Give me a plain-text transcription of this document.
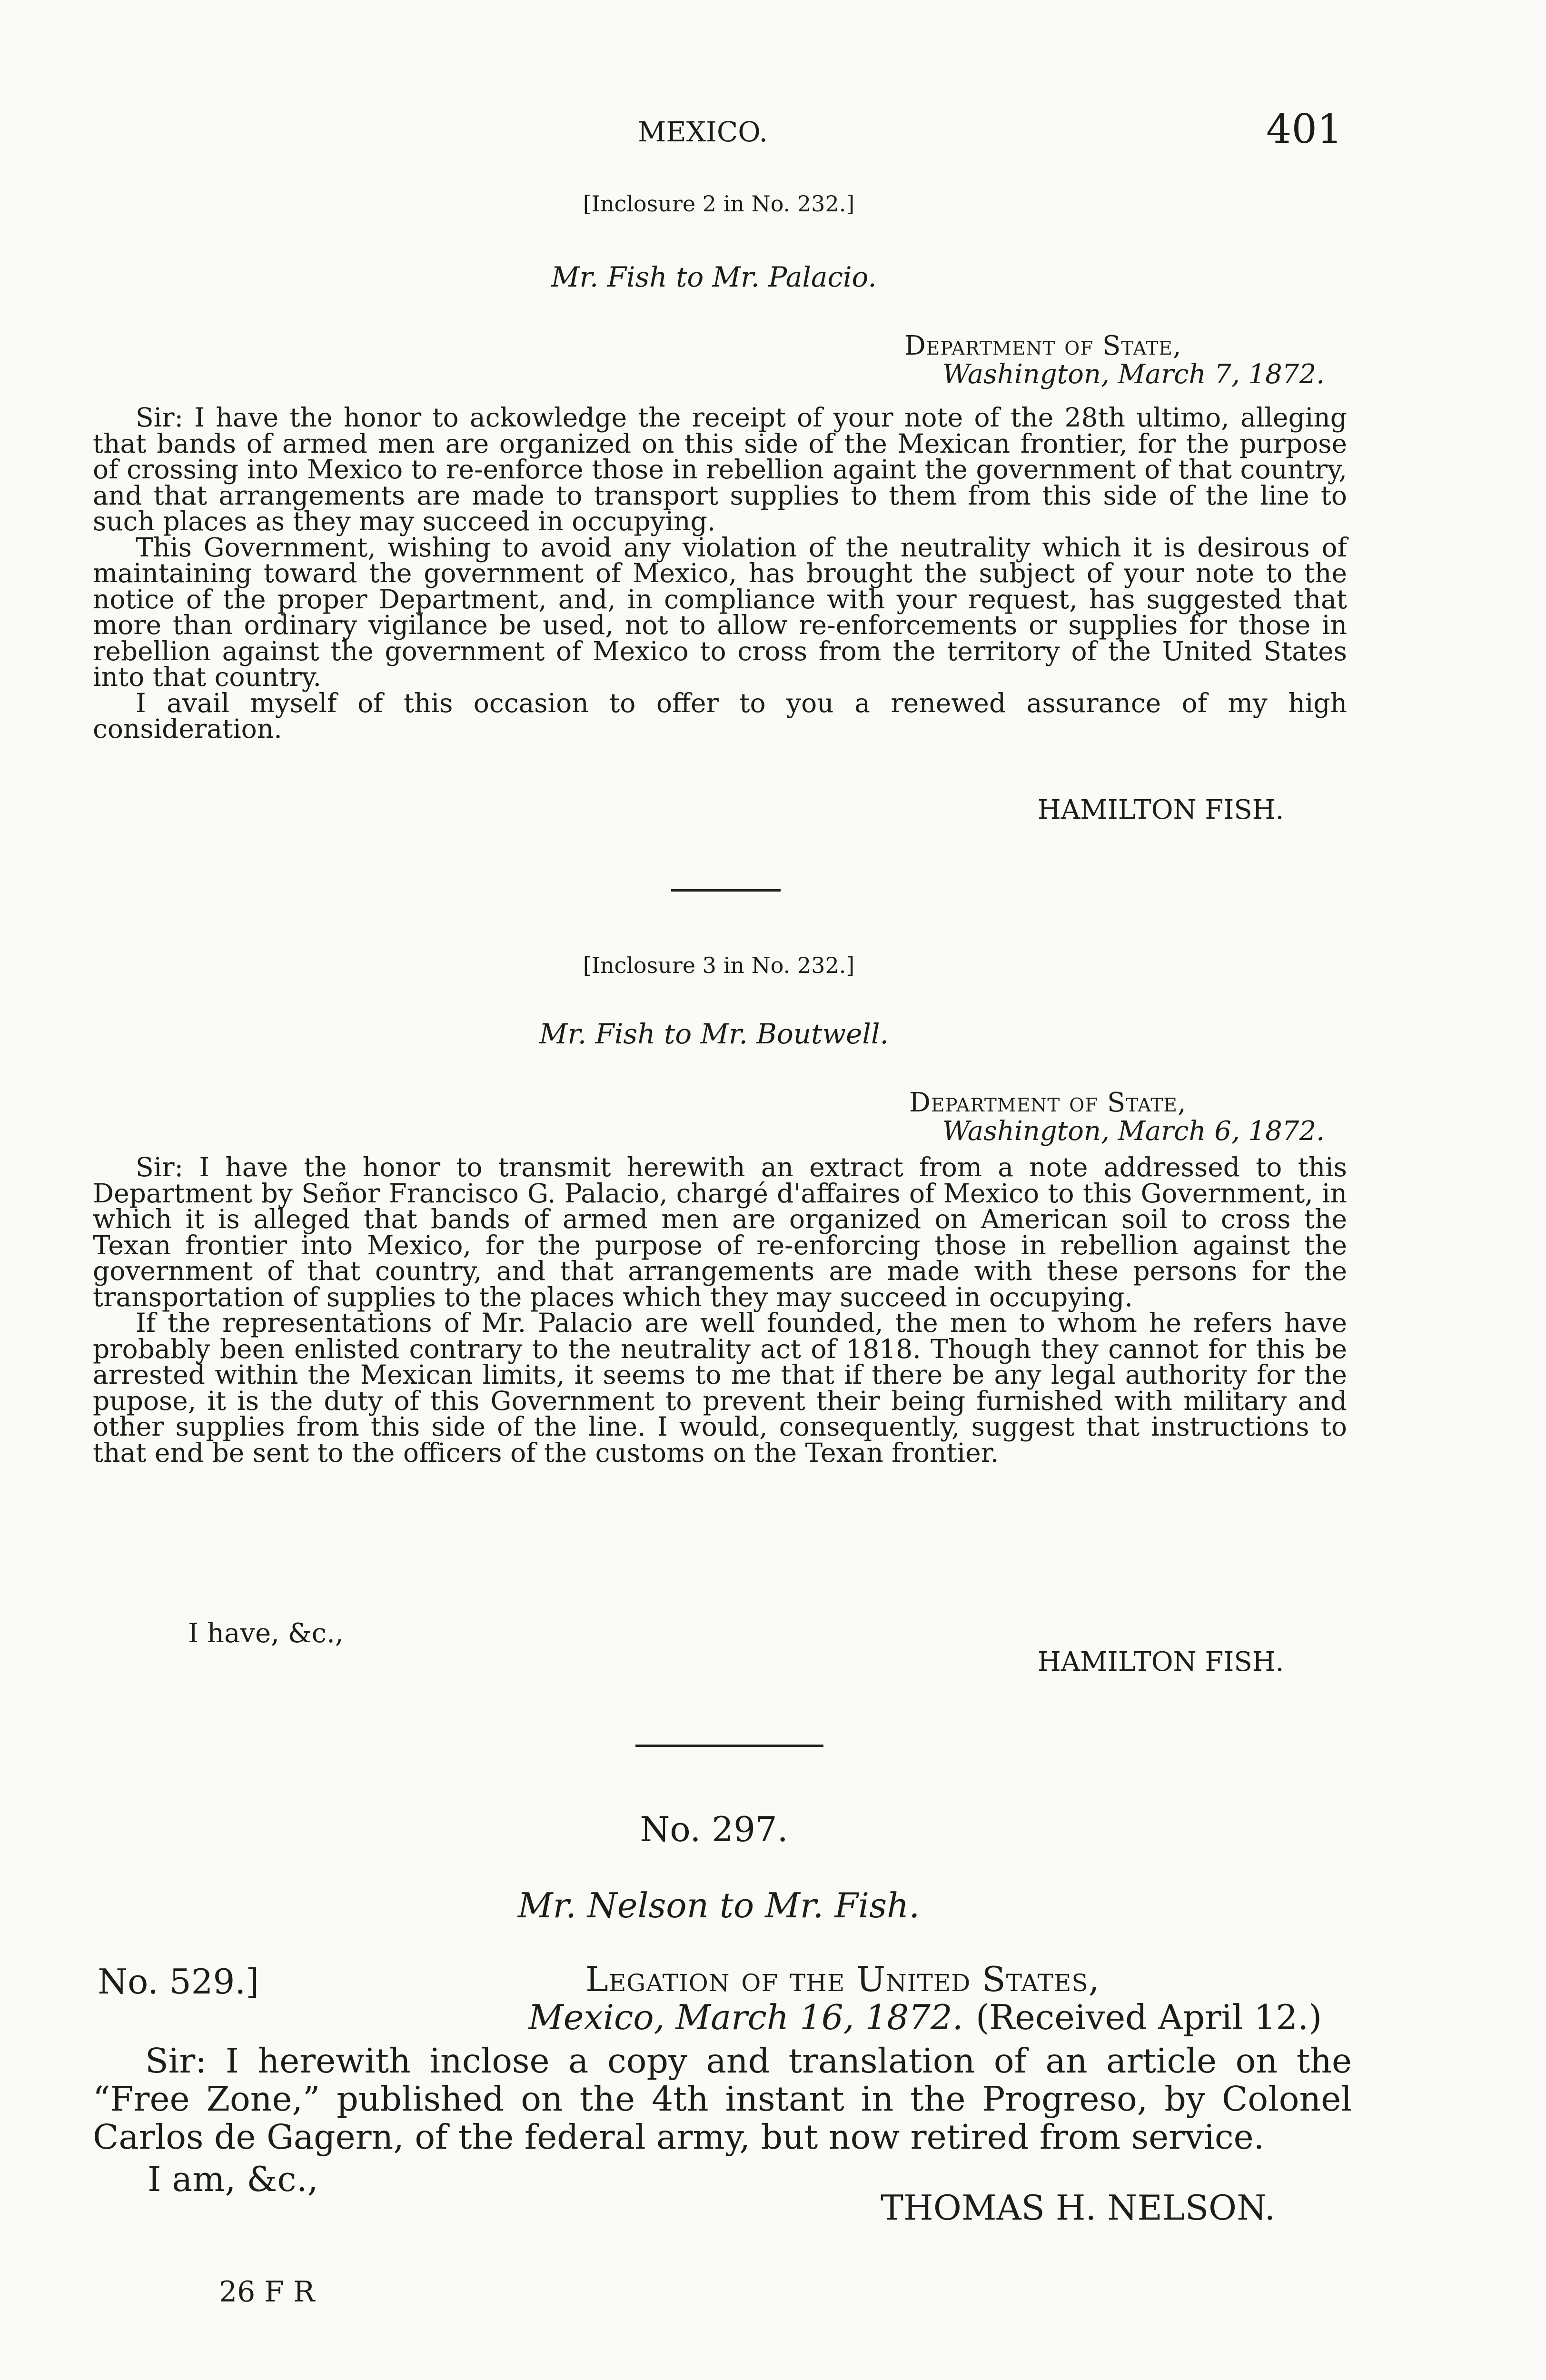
MEXICO.	401
[Inclosure 2 in No. 232.]
Mr. Fish to Mr. Palacio.
Department of State,
Washington, March 7, 1872.

Sir: I have the honor to ackowledge the receipt of your note of the 28th ultimo, alleging that bands of armed men are organized on this side of the Mexican frontier, for the purpose of crossing into Mexico to re-enforce those in rebellion againt the government of that country, and that arrangements are made to transport supplies to them from this side of the line to such places as they may succeed in occupying.

This Government, wishing to avoid any violation of the neutrality which it is desirous of maintaining toward the government of Mexico, has brought the subject of your note to the notice of the proper Department, and, in compliance with your request, has suggested that more than ordinary vigilance be used, not to allow re-enforcements or supplies for those in rebellion against the government of Mexico to cross from the territory of the United States into that country.

I avail myself of this occasion to offer to you a renewed assurance of my high consideration.

HAMILTON FISH.
[Inclosure 3 in No. 232.]
Mr. Fish to Mr. Boutwell.
Department of State,
Washington, March 6, 1872.

Sir: I have the honor to transmit herewith an extract from a note addressed to this Department by Señor Francisco G. Palacio, chargé d'affaires of Mexico to this Government, in which it is alleged that bands of armed men are organized on American soil to cross the Texan frontier into Mexico, for the purpose of re-enforcing those in rebellion against the government of that country, and that arrangements are made with these persons for the transportation of supplies to the places which they may succeed in occupying.

If the representations of Mr. Palacio are well founded, the men to whom he refers have probably been enlisted contrary to the neutrality act of 1818. Though they cannot for this be arrested within the Mexican limits, it seems to me that if there be any legal authority for the pupose, it is the duty of this Government to prevent their being furnished with military and other supplies from this side of the line. I would, consequently, suggest that instructions to that end be sent to the officers of the customs on the Texan frontier.

I have, &c.,
HAMILTON FISH.
No. 297.
Mr. Nelson to Mr. Fish.
No. 529.]	Legation of the United States,
Mexico, March 16, 1872. (Received April 12.)

Sir: I herewith inclose a copy and translation of an article on the “Free Zone,” published on the 4th instant in the Progreso, by Colonel Carlos de Gagern, of the federal army, but now retired from service.

I am, &c.,
THOMAS H. NELSON.
26 F R
